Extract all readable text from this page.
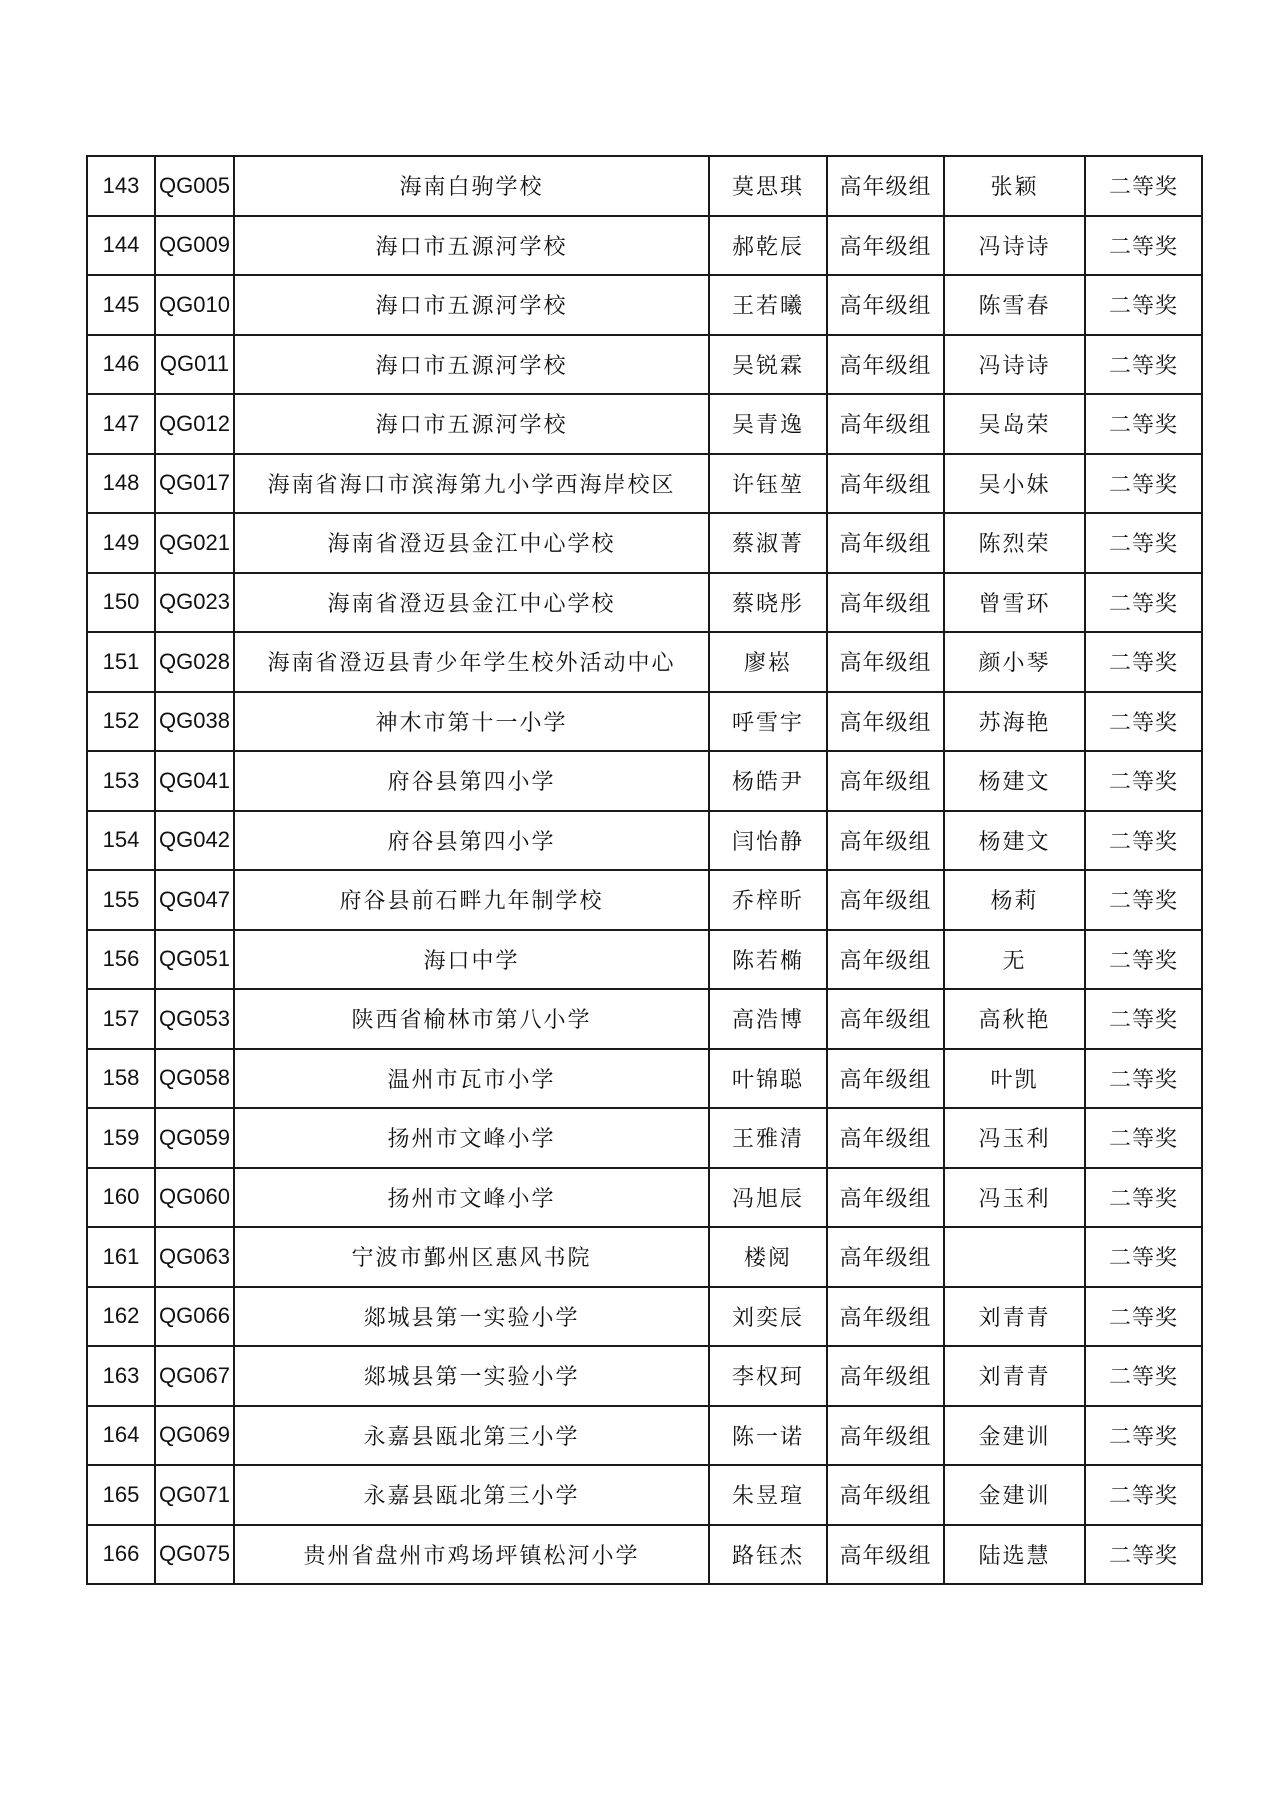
143	QG005	海南白驹学校	莫思琪	高年级组	张颖	二等奖
144	QG009	海口市五源河学校	郝乾辰	高年级组	冯诗诗	二等奖
145	QG010	海口市五源河学校	王若曦	高年级组	陈雪春	二等奖
146	QG011	海口市五源河学校	吴锐霖	高年级组	冯诗诗	二等奖
147	QG012	海口市五源河学校	吴青逸	高年级组	吴岛荣	二等奖
148	QG017	海南省海口市滨海第九小学西海岸校区	许钰堃	高年级组	吴小妹	二等奖
149	QG021	海南省澄迈县金江中心学校	蔡淑菁	高年级组	陈烈荣	二等奖
150	QG023	海南省澄迈县金江中心学校	蔡晓彤	高年级组	曾雪环	二等奖
151	QG028	海南省澄迈县青少年学生校外活动中心	廖崧	高年级组	颜小琴	二等奖
152	QG038	神木市第十一小学	呼雪宇	高年级组	苏海艳	二等奖
153	QG041	府谷县第四小学	杨皓尹	高年级组	杨建文	二等奖
154	QG042	府谷县第四小学	闫怡静	高年级组	杨建文	二等奖
155	QG047	府谷县前石畔九年制学校	乔梓昕	高年级组	杨莉	二等奖
156	QG051	海口中学	陈若椭	高年级组	无	二等奖
157	QG053	陕西省榆林市第八小学	高浩博	高年级组	高秋艳	二等奖
158	QG058	温州市瓦市小学	叶锦聪	高年级组	叶凯	二等奖
159	QG059	扬州市文峰小学	王雅清	高年级组	冯玉利	二等奖
160	QG060	扬州市文峰小学	冯旭辰	高年级组	冯玉利	二等奖
161	QG063	宁波市鄞州区惠风书院	楼阅	高年级组		二等奖
162	QG066	郯城县第一实验小学	刘奕辰	高年级组	刘青青	二等奖
163	QG067	郯城县第一实验小学	李权珂	高年级组	刘青青	二等奖
164	QG069	永嘉县瓯北第三小学	陈一诺	高年级组	金建训	二等奖
165	QG071	永嘉县瓯北第三小学	朱昱瑄	高年级组	金建训	二等奖
166	QG075	贵州省盘州市鸡场坪镇松河小学	路钰杰	高年级组	陆选慧	二等奖
